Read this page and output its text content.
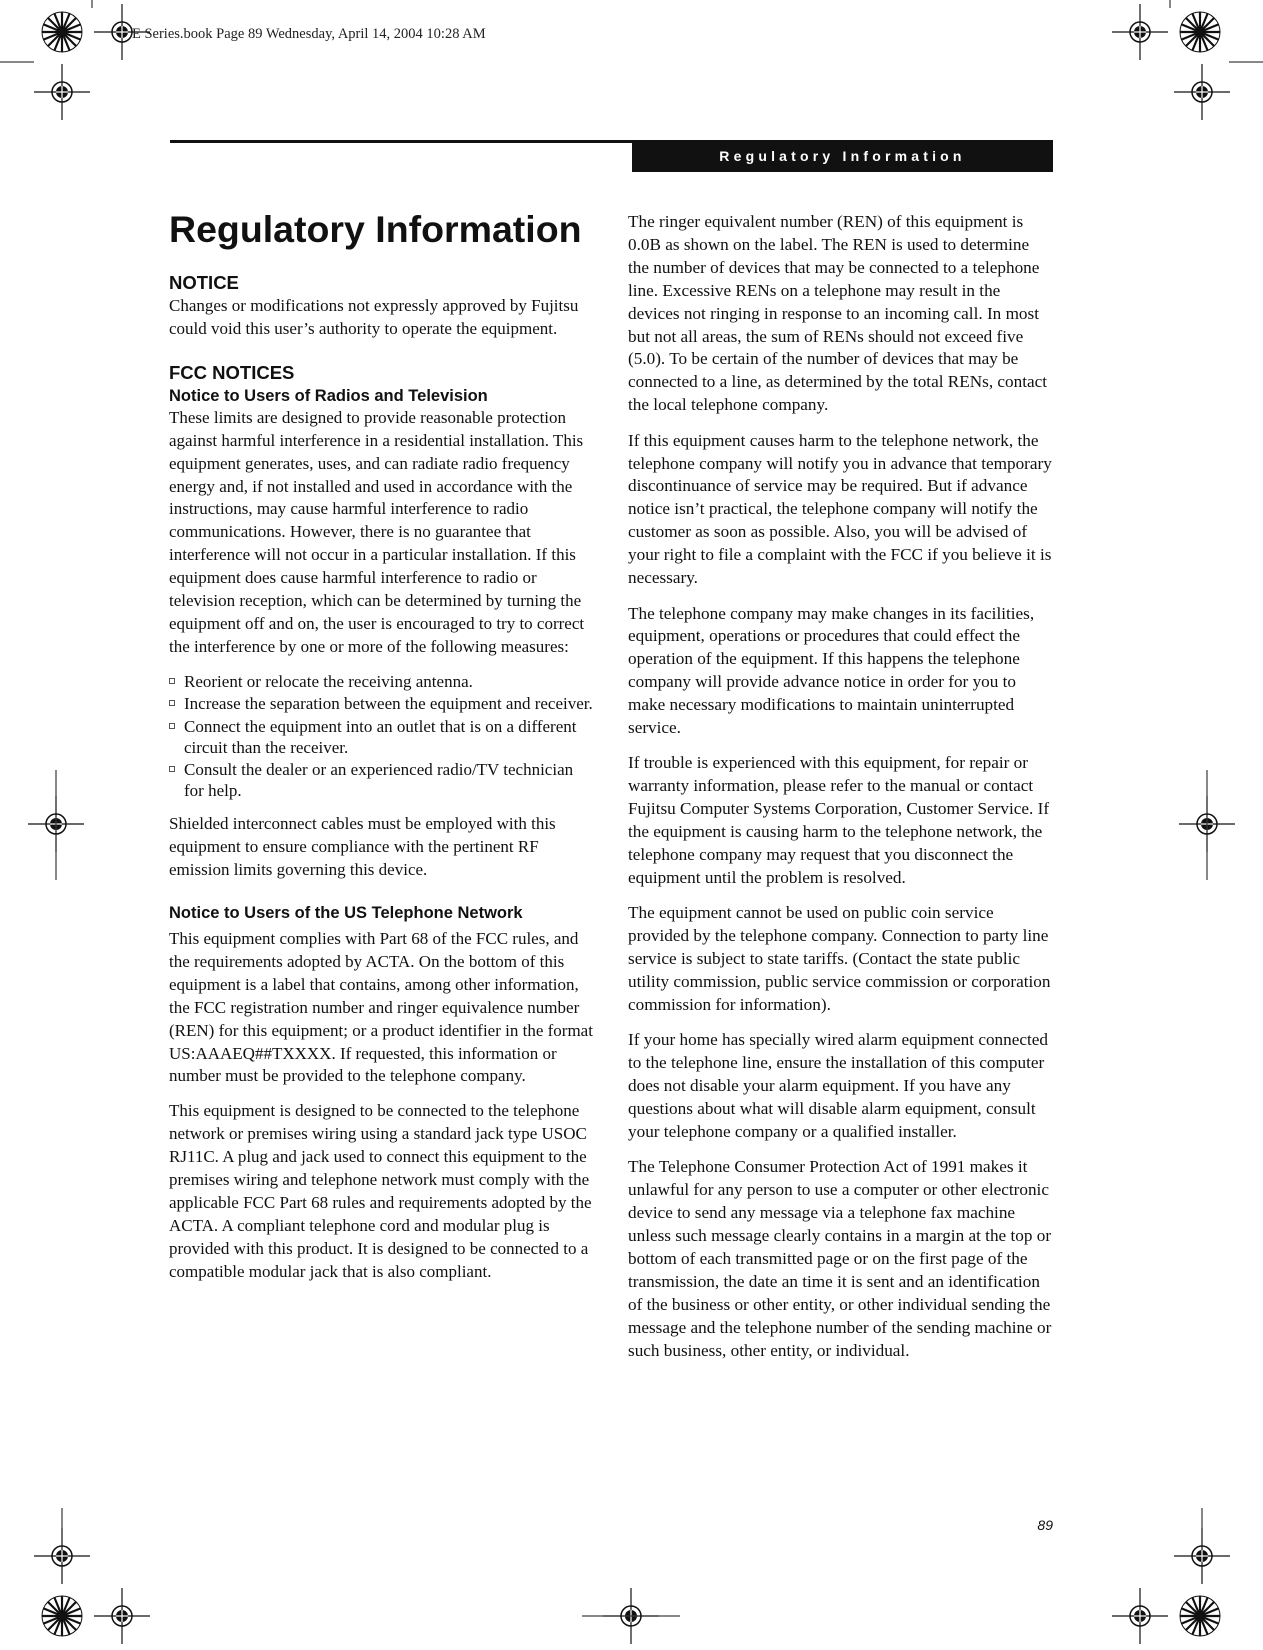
E Series.book Page 89 Wednesday, April 14, 2004 10:28 AM
Regulatory Information
Regulatory Information
NOTICE

Changes or modifications not expressly approved by Fujitsu could void this user’s authority to operate the equipment.

FCC NOTICES
Notice to Users of Radios and Television

These limits are designed to provide reasonable protection against harmful interference in a residential installation. This equipment generates, uses, and can radiate radio frequency energy and, if not installed and used in accordance with the instructions, may cause harmful interference to radio communications. However, there is no guarantee that interference will not occur in a particular installation. If this equipment does cause harmful interference to radio or television reception, which can be determined by turning the equipment off and on, the user is encouraged to try to correct the interference by one or more of the following measures:

Reorient or relocate the receiving antenna.
Increase the separation between the equipment and receiver.
Connect the equipment into an outlet that is on a different circuit than the receiver.
Consult the dealer or an experienced radio/TV technician for help.

Shielded interconnect cables must be employed with this equipment to ensure compliance with the pertinent RF emission limits governing this device.

Notice to Users of the US Telephone Network

This equipment complies with Part 68 of the FCC rules, and the requirements adopted by ACTA. On the bottom of this equipment is a label that contains, among other information, the FCC registration number and ringer equivalence number (REN) for this equipment; or a product identifier in the format US:AAAEQ##TXXXX. If requested, this information or number must be provided to the telephone company.

This equipment is designed to be connected to the telephone network or premises wiring using a standard jack type USOC RJ11C. A plug and jack used to connect this equipment to the premises wiring and telephone network must comply with the applicable FCC Part 68 rules and requirements adopted by the ACTA. A compliant telephone cord and modular plug is provided with this product. It is designed to be connected to a compatible modular jack that is also compliant.

The ringer equivalent number (REN) of this equipment is 0.0B as shown on the label. The REN is used to determine the number of devices that may be connected to a telephone line. Excessive RENs on a telephone may result in the devices not ringing in response to an incoming call. In most but not all areas, the sum of RENs should not exceed five (5.0). To be certain of the number of devices that may be connected to a line, as determined by the total RENs, contact the local telephone company.

If this equipment causes harm to the telephone network, the telephone company will notify you in advance that temporary discontinuance of service may be required. But if advance notice isn’t practical, the telephone company will notify the customer as soon as possible. Also, you will be advised of your right to file a complaint with the FCC if you believe it is necessary.

The telephone company may make changes in its facilities, equipment, operations or procedures that could effect the operation of the equipment. If this happens the telephone company will provide advance notice in order for you to make necessary modifications to maintain uninterrupted service.

If trouble is experienced with this equipment, for repair or warranty information, please refer to the manual or contact Fujitsu Computer Systems Corporation, Customer Service. If the equipment is causing harm to the telephone network, the telephone company may request that you disconnect the equipment until the problem is resolved.

The equipment cannot be used on public coin service provided by the telephone company. Connection to party line service is subject to state tariffs. (Contact the state public utility commission, public service commission or corporation commission for information).

If your home has specially wired alarm equipment connected to the telephone line, ensure the installation of this computer does not disable your alarm equipment. If you have any questions about what will disable alarm equipment, consult your telephone company or a qualified installer.

The Telephone Consumer Protection Act of 1991 makes it unlawful for any person to use a computer or other electronic device to send any message via a telephone fax machine unless such message clearly contains in a margin at the top or bottom of each transmitted page or on the first page of the transmission, the date an time it is sent and an identification of the business or other entity, or other individual sending the message and the telephone number of the sending machine or such business, other entity, or individual.

89
